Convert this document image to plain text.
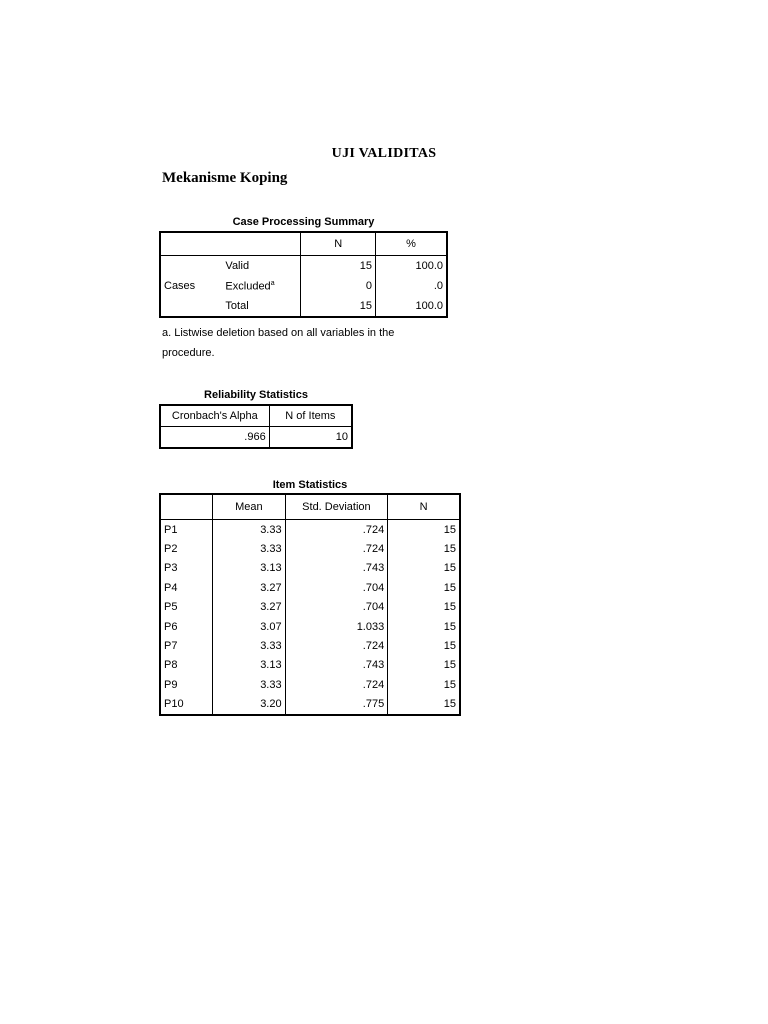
UJI VALIDITAS
Mekanisme Koping
Case Processing Summary
		N	%
Cases	Valid	15	100.0
	Excluded$^a$	0	.0
	Total	15	100.0
a. Listwise deletion based on all variables in the
procedure.
Reliability Statistics
Cronbach's Alpha	N of Items
.966	10
Item Statistics
	Mean	Std. Deviation	N
P1	3.33	.724	15
P2	3.33	.724	15
P3	3.13	.743	15
P4	3.27	.704	15
P5	3.27	.704	15
P6	3.07	1.033	15
P7	3.33	.724	15
P8	3.13	.743	15
P9	3.33	.724	15
P10	3.20	.775	15
